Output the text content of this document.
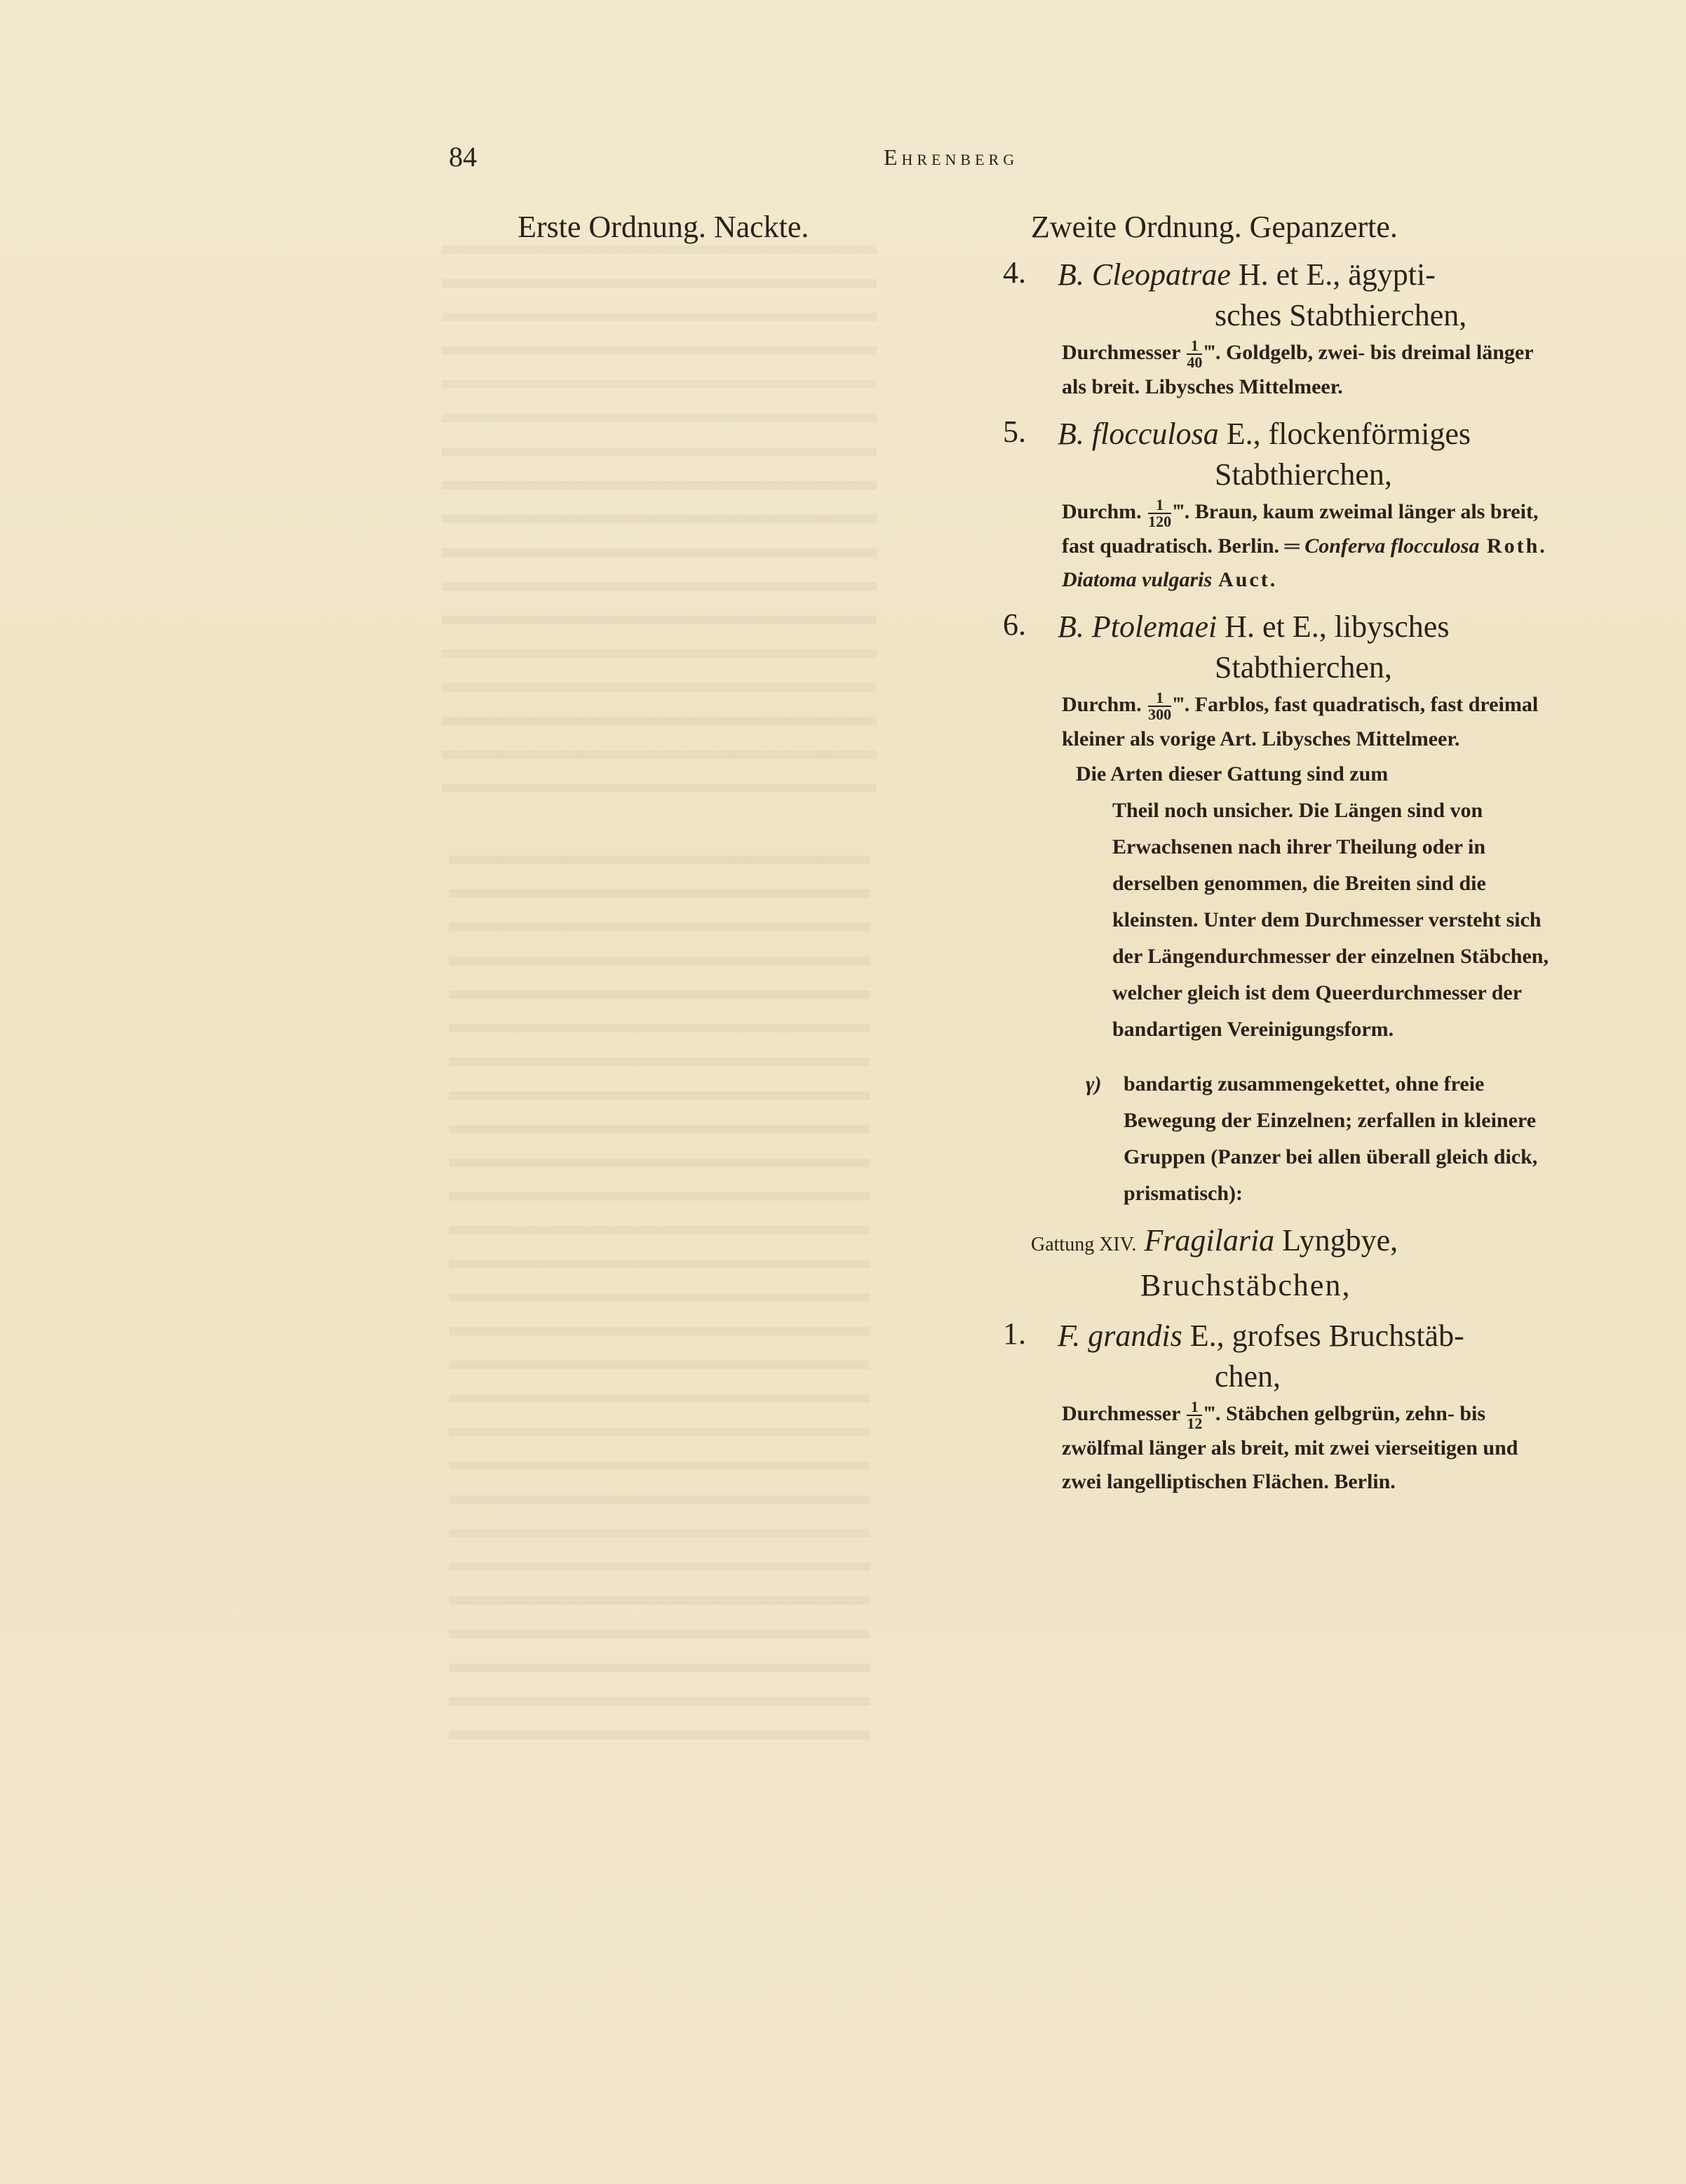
84	Ehrenberg
Erste Ordnung. Nackte.	Zweite Ordnung. Gepanzerte.
4. B. Cleopatrae H. et E., ägypti-
sches Stabthierchen,
Durchmesser $\frac{1}{40}$ ‴. Goldgelb, zwei- bis dreimal länger als breit. Libysches Mittelmeer.
5. B. flocculosa E., flockenförmiges
Stabthierchen,
Durchm. $\frac{1}{120}$ ‴. Braun, kaum zweimal länger als breit, fast quadratisch. Berlin. ═ Conferva flocculosa Roth. Diatoma vulgaris Auct.
6. B. Ptolemaei H. et E., libysches
Stabthierchen,
Durchm. $\frac{1}{300}$ ‴. Farblos, fast quadratisch, fast dreimal kleiner als vorige Art. Libysches Mittelmeer.
Die Arten dieser Gattung sind zum
Theil noch unsicher. Die Längen sind von Erwachsenen nach ihrer Theilung oder in derselben genommen, die Breiten sind die kleinsten. Unter dem Durchmesser versteht sich der Längendurchmesser der einzelnen Stäbchen, welcher gleich ist dem Queerdurchmesser der bandartigen Vereinigungsform.
γ)	bandartig zusammengekettet, ohne freie Bewegung der Einzelnen; zerfallen in kleinere Gruppen (Panzer bei allen überall gleich dick, prismatisch):
Gattung XIV. Fragilaria Lyngbye,
Bruchstäbchen,
1. F. grandis E., grofses Bruchstäb-
chen,
Durchmesser $\frac{1}{12}$ ‴. Stäbchen gelbgrün, zehn- bis zwölfmal länger als breit, mit zwei vierseitigen und zwei langelliptischen Flächen. Berlin.
